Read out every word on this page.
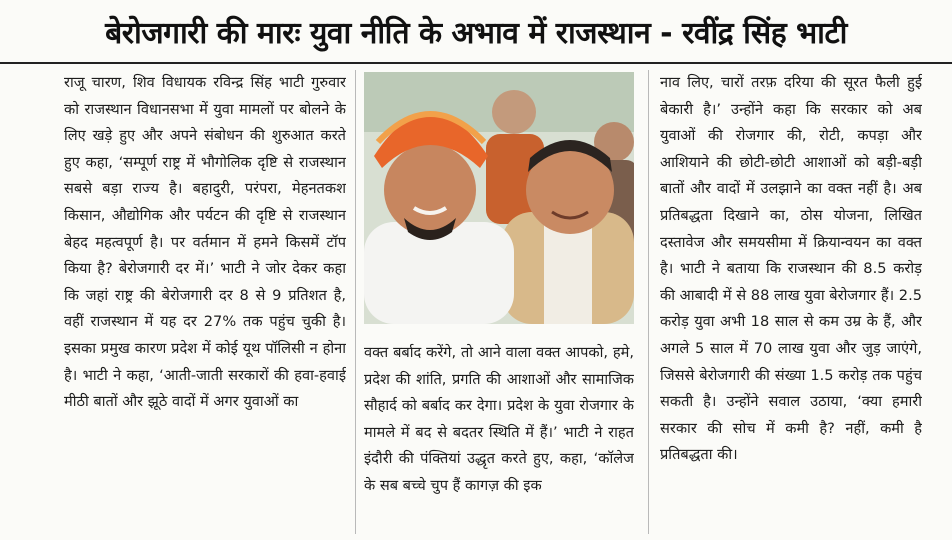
बेरोजगारी की मारः युवा नीति के अभाव में राजस्थान - रवींद्र सिंह भाटी

राजू चारण, शिव विधायक रविन्द्र सिंह भाटी गुरुवार को राजस्थान विधानसभा में युवा मामलों पर बोलने के लिए खड़े हुए और अपने संबोधन की शुरुआत करते हुए कहा, ‘सम्पूर्ण राष्ट्र में भौगोलिक दृष्टि से राजस्थान सबसे बड़ा राज्य है। बहादुरी, परंपरा, मेहनतकश किसान, औद्योगिक और पर्यटन की दृष्टि से राजस्थान बेहद महत्वपूर्ण है। पर वर्तमान में हमने किसमें टॉप किया है? बेरोजगारी दर में।’ भाटी ने जोर देकर कहा कि जहां राष्ट्र की बेरोजगारी दर 8 से 9 प्रतिशत है, वहीं राजस्थान में यह दर 27% तक पहुंच चुकी है। इसका प्रमुख कारण प्रदेश में कोई यूथ पॉलिसी न होना है। भाटी ने कहा, ‘आती-जाती सरकारों की हवा-हवाई मीठी बातों और झूठे वादों में अगर युवाओं का

वक्त बर्बाद करेंगे, तो आने वाला वक्त आपको, हमे, प्रदेश की शांति, प्रगति की आशाओं और सामाजिक सौहार्द को बर्बाद कर देगा। प्रदेश के युवा रोजगार के मामले में बद से बदतर स्थिति में हैं।’ भाटी ने राहत इंदौरी की पंक्तियां उद्धृत करते हुए, कहा, ‘कॉलेज के सब बच्चे चुप हैं कागज़ की इक

नाव लिए, चारों तरफ़ दरिया की सूरत फैली हुई बेकारी है।’ उन्होंने कहा कि सरकार को अब युवाओं की रोजगार की, रोटी, कपड़ा और आशियाने की छोटी-छोटी आशाओं को बड़ी-बड़ी बातों और वादों में उलझाने का वक्त नहीं है। अब प्रतिबद्धता दिखाने का, ठोस योजना, लिखित दस्तावेज और समयसीमा में क्रियान्वयन का वक्त है। भाटी ने बताया कि राजस्थान की 8.5 करोड़ की आबादी में से 88 लाख युवा बेरोजगार हैं। 2.5 करोड़ युवा अभी 18 साल से कम उम्र के हैं, और अगले 5 साल में 70 लाख युवा और जुड़ जाएंगे, जिससे बेरोजगारी की संख्या 1.5 करोड़ तक पहुंच सकती है। उन्होंने सवाल उठाया, ‘क्या हमारी सरकार की सोच में कमी है? नहीं, कमी है प्रतिबद्धता की।
